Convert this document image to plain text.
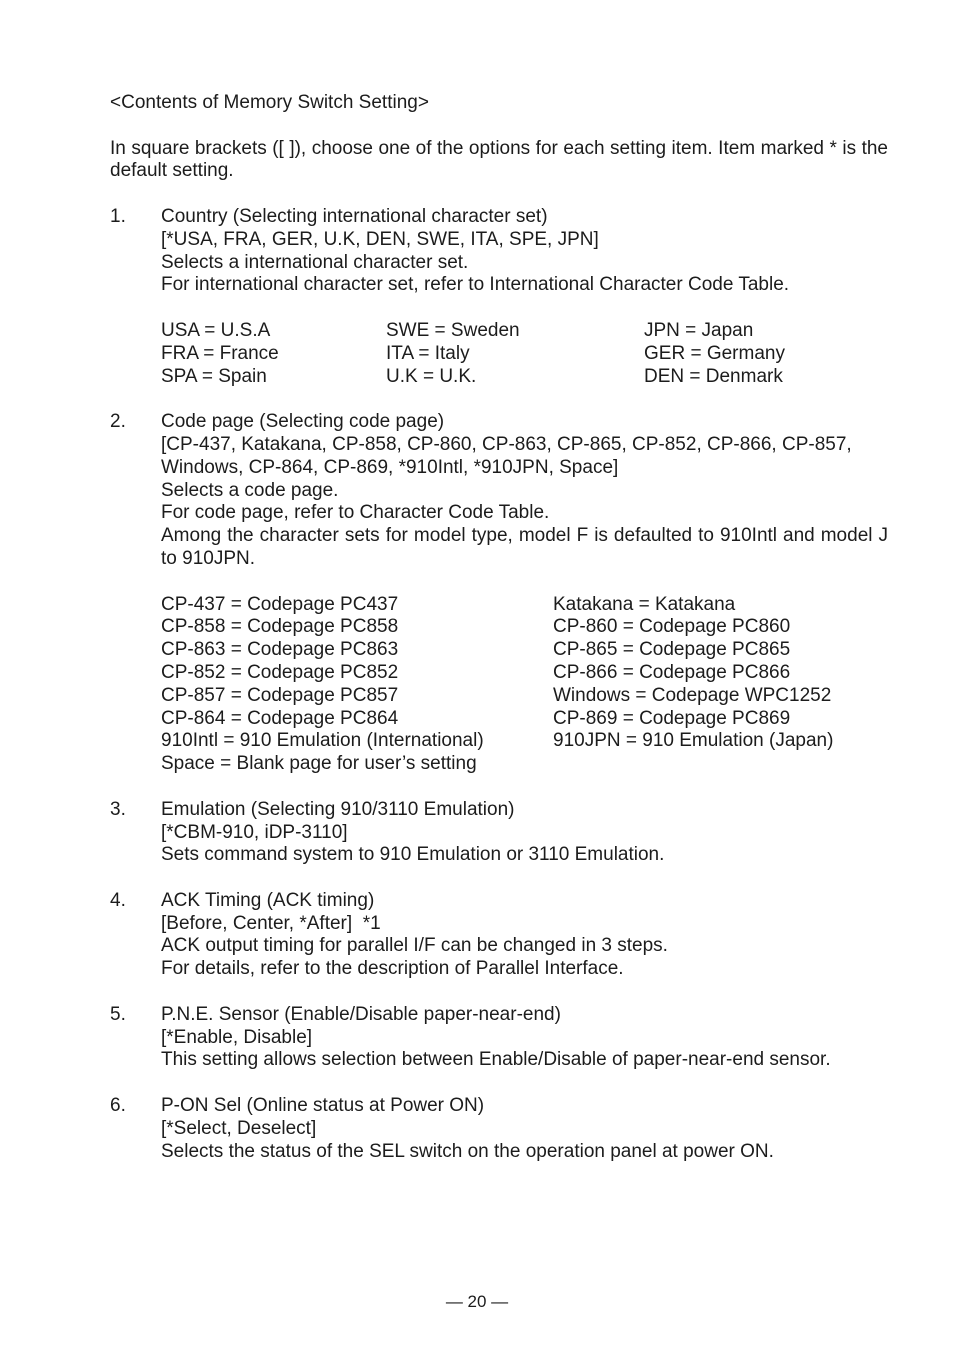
<Contents of Memory Switch Setting>

In square brackets ([ ]), choose one of the options for each setting item. Item marked * is the default setting.

1. Country (Selecting international character set)
[*USA, FRA, GER, U.K, DEN, SWE, ITA, SPE, JPN]
Selects a international character set.
For international character set, refer to International Character Code Table.
USA = U.S.A	SWE = Sweden	JPN = Japan
FRA = France	ITA = Italy	GER = Germany
SPA = Spain	U.K = U.K.	DEN = Denmark
2. Code page (Selecting code page)
[CP-437, Katakana, CP-858, CP-860, CP-863, CP-865, CP-852, CP-866, CP-857, Windows, CP-864, CP-869, *910Intl, *910JPN, Space]
Selects a code page.
For code page, refer to Character Code Table.
Among the character sets for model type, model F is defaulted to 910Intl and model J to 910JPN.
CP-437 = Codepage PC437	Katakana = Katakana
CP-858 = Codepage PC858	CP-860 = Codepage PC860
CP-863 = Codepage PC863	CP-865 = Codepage PC865
CP-852 = Codepage PC852	CP-866 = Codepage PC866
CP-857 = Codepage PC857	Windows = Codepage WPC1252
CP-864 = Codepage PC864	CP-869 = Codepage PC869
910Intl = 910 Emulation (International)	910JPN = 910 Emulation (Japan)
Space = Blank page for user’s setting
3. Emulation (Selecting 910/3110 Emulation)
[*CBM-910, iDP-3110]
Sets command system to 910 Emulation or 3110 Emulation.
4. ACK Timing (ACK timing)
[Before, Center, *After]  *1
ACK output timing for parallel I/F can be changed in 3 steps.
For details, refer to the description of Parallel Interface.
5. P.N.E. Sensor (Enable/Disable paper-near-end)
[*Enable, Disable]
This setting allows selection between Enable/Disable of paper-near-end sensor.
6. P-ON Sel (Online status at Power ON)
[*Select, Deselect]
Selects the status of the SEL switch on the operation panel at power ON.
— 20 —
